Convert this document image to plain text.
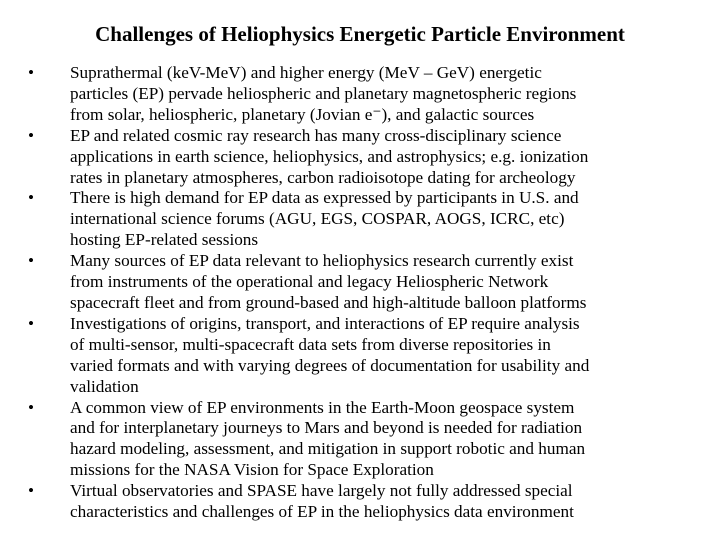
Challenges of Heliophysics Energetic Particle Environment
•	Suprathermal (keV-MeV) and higher energy (MeV – GeV) energetic
particles (EP) pervade heliospheric and planetary magnetospheric regions
from solar, heliospheric, planetary (Jovian e⁻), and galactic sources
•	EP and related cosmic ray research has many cross-disciplinary science
applications in earth science, heliophysics, and astrophysics; e.g. ionization
rates in planetary atmospheres, carbon radioisotope dating for archeology
•	There is high demand for EP data as expressed by participants in U.S. and
international science forums (AGU, EGS, COSPAR, AOGS, ICRC, etc)
hosting EP-related sessions
•	Many sources of EP data relevant to heliophysics research currently exist
from instruments of the operational and legacy Heliospheric Network
spacecraft fleet and from ground-based and high-altitude balloon platforms
•	Investigations of origins, transport, and interactions of EP require analysis
of multi-sensor, multi-spacecraft data sets from diverse repositories in
varied formats and with varying degrees of documentation for usability and
validation
•	A common view of EP environments in the Earth-Moon geospace system
and for interplanetary journeys to Mars and beyond is needed for radiation
hazard modeling, assessment, and mitigation in support robotic and human
missions for the NASA Vision for Space Exploration
•	Virtual observatories and SPASE have largely not fully addressed special
characteristics and challenges of EP in the heliophysics data environment
